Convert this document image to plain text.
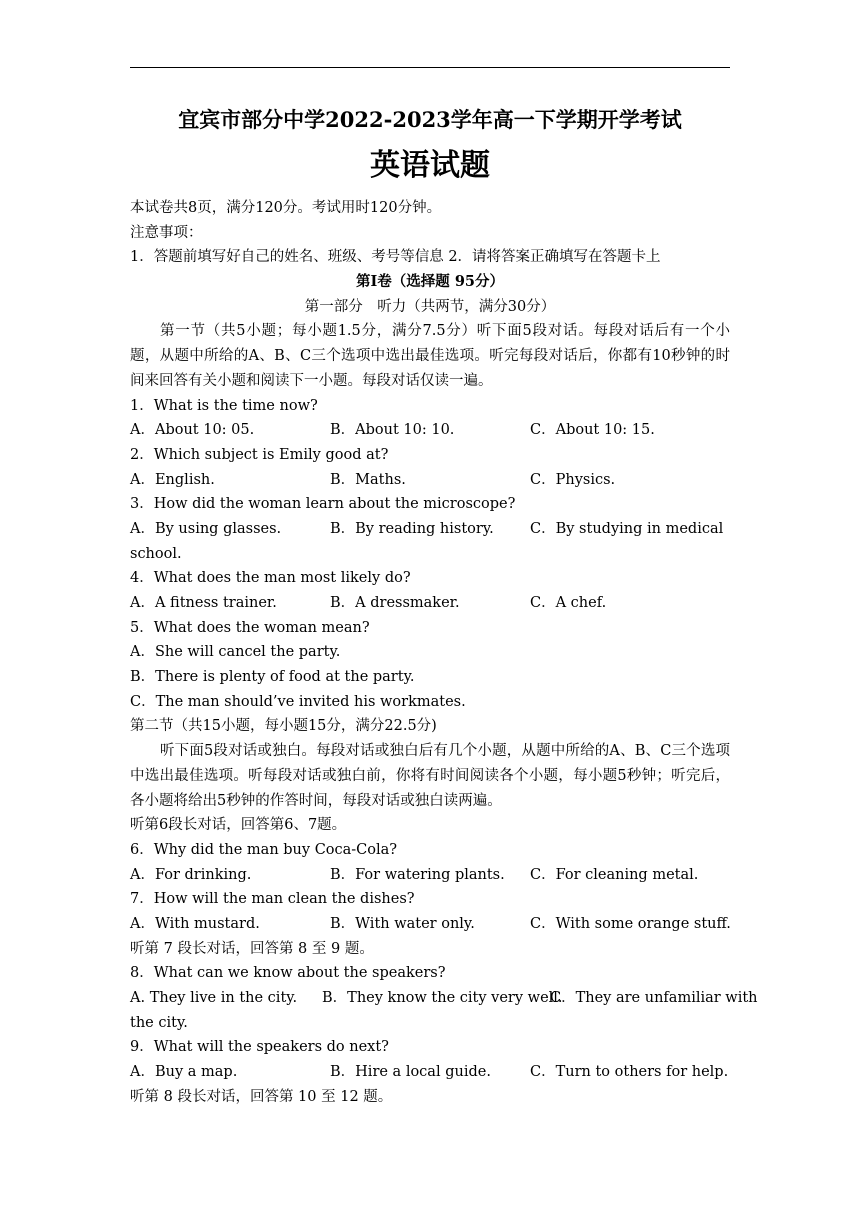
宜宾市部分中学2022-2023学年高一下学期开学考试
英语试题
本试卷共8页，满分120分。考试用时120分钟。
注意事项：
1．答题前填写好自己的姓名、班级、考号等信息 2．请将答案正确填写在答题卡上
第I卷（选择题 95分）
第一部分　听力（共两节，满分30分）
第一节（共5小题；每小题1.5分，满分7.5分）听下面5段对话。每段对话后有一个小题，从题中所给的A、B、C三个选项中选出最佳选项。听完每段对话后，你都有10秒钟的时间来回答有关小题和阅读下一小题。每段对话仅读一遍。
1．What is the time now?
A．About 10: 05.	B．About 10: 10.	C．About 10: 15.
2．Which subject is Emily good at?
A．English.	B．Maths.	C．Physics.
3．How did the woman learn about the microscope?
A．By using glasses.	B．By reading history.	C．By studying in medical
school.
4．What does the man most likely do?
A．A fitness trainer.	B．A dressmaker.	C．A chef.
5．What does the woman mean?
A．She will cancel the party.
B．There is plenty of food at the party.
C．The man should’ve invited his workmates.
第二节（共15小题，每小题15分，满分22.5分)
听下面5段对话或独白。每段对话或独白后有几个小题，从题中所给的A、B、C三个选项中选出最佳选项。听每段对话或独白前，你将有时间阅读各个小题，每小题5秒钟；听完后，各小题将给出5秒钟的作答时间，每段对话或独白读两遍。
听第6段长对话，回答第6、7题。
6．Why did the man buy Coca-Cola?
A．For drinking.	B．For watering plants. C．For cleaning metal.
7．How will the man clean the dishes?
A．With mustard.	B．With water only.	C．With some orange stuff.
听第 7 段长对话，回答第 8 至 9 题。
8．What can we know about the speakers?
A. They live in the city. B．They know the city very well.
C．They are unfamiliar with
the city.
9．What will the speakers do next?
A．Buy a map.	B．Hire a local guide.	C．Turn to others for help.
听第 8 段长对话，回答第 10 至 12 题。
